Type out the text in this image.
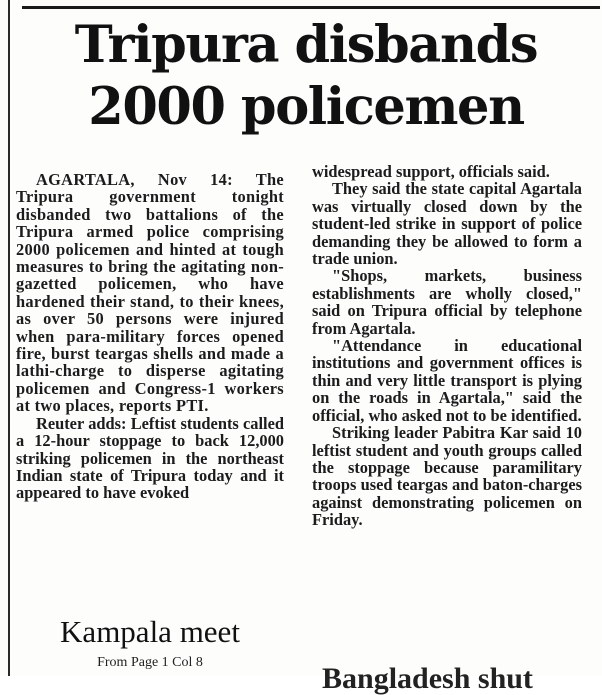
Tripura disbands
2000 policemen

AGARTALA, Nov 14: The Tripura government tonight disbanded two battalions of the Tripura armed police comprising 2000 policemen and hinted at tough measures to bring the agitating non-gazetted policemen, who have hardened their stand, to their knees, as over 50 persons were injured when para-military forces opened fire, burst teargas shells and made a lathi-charge to disperse agitating policemen and Congress-1 workers at two places, reports PTI.

Reuter adds: Leftist students called a 12-hour stoppage to back 12,000 striking policemen in the northeast Indian state of Tripura today and it appeared to have evoked

widespread support, officials said.

They said the state capital Agartala was virtually closed down by the student-led strike in support of police demanding they be allowed to form a trade union.

"Shops, markets, business establishments are wholly closed," said on Tripura official by telephone from Agartala.

"Attendance in educational institutions and government offices is thin and very little transport is plying on the roads in Agartala," said the official, who asked not to be identified.

Striking leader Pabitra Kar said 10 leftist student and youth groups called the stoppage because paramilitary troops used teargas and baton-charges against demonstrating policemen on Friday.

Kampala meet
From Page 1 Col 8	Bangladesh shut
